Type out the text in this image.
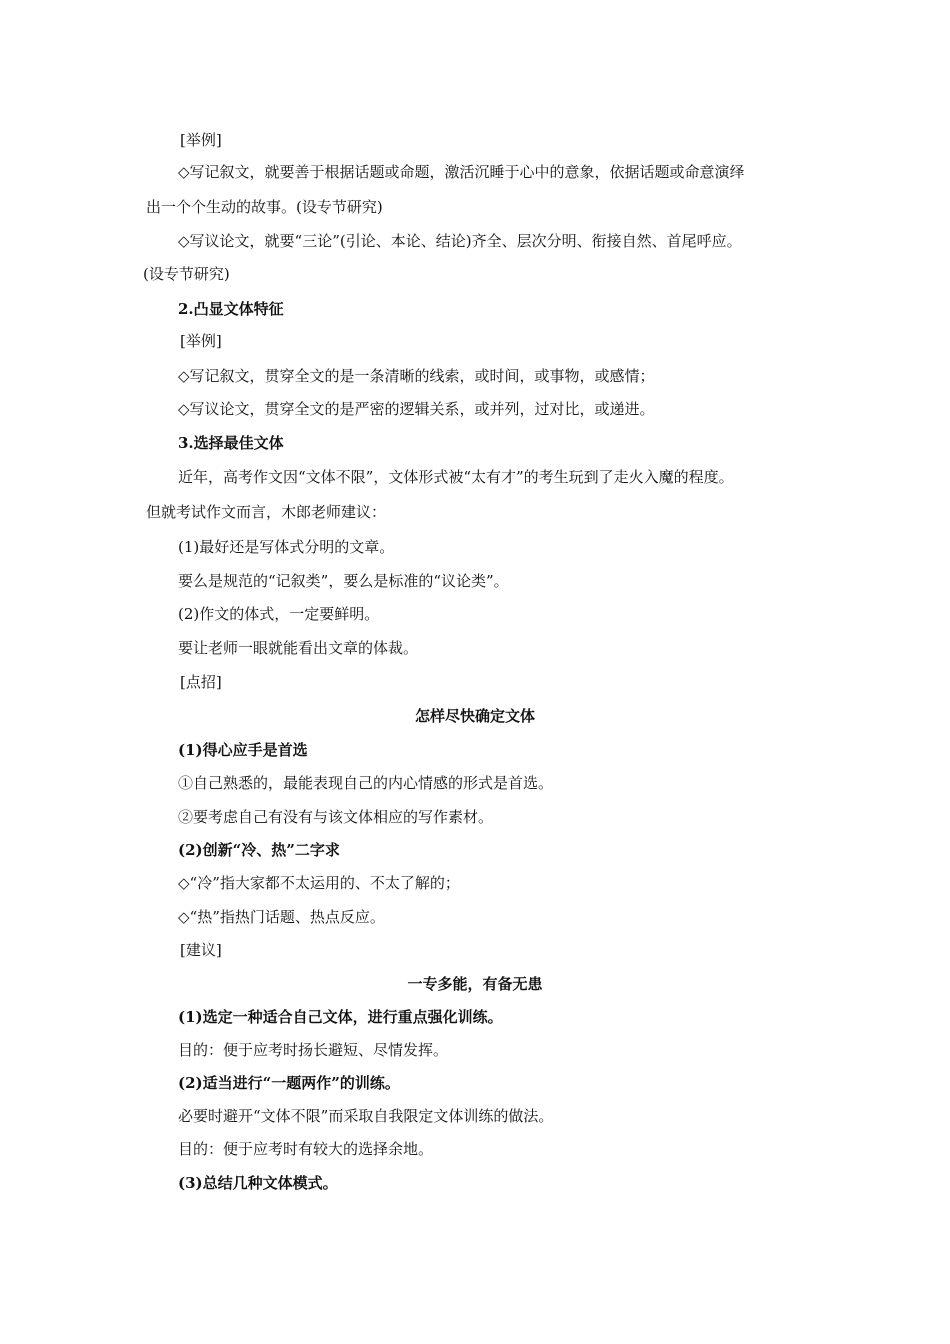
[举例]
◇写记叙文，就要善于根据话题或命题，激活沉睡于心中的意象，依据话题或命意演绎
出一个个生动的故事。(设专节研究)
◇写议论文，就要“三论”(引论、本论、结论)齐全、层次分明、衔接自然、首尾呼应。
(设专节研究)
2.凸显文体特征
[举例]
◇写记叙文，贯穿全文的是一条清晰的线索，或时间，或事物，或感情；
◇写议论文，贯穿全文的是严密的逻辑关系，或并列，过对比，或递进。
3.选择最佳文体
近年，高考作文因“文体不限”，文体形式被“太有才”的考生玩到了走火入魔的程度。
但就考试作文而言，木郎老师建议：
(1)最好还是写体式分明的文章。
要么是规范的“记叙类”，要么是标准的“议论类”。
(2)作文的体式，一定要鲜明。
要让老师一眼就能看出文章的体裁。
[点招]
怎样尽快确定文体
(1)得心应手是首选
①自己熟悉的，最能表现自己的内心情感的形式是首选。
②要考虑自己有没有与该文体相应的写作素材。
(2)创新“冷、热”二字求
◇“冷”指大家都不太运用的、不太了解的；
◇“热”指热门话题、热点反应。
[建议]
一专多能，有备无患
(1)选定一种适合自己文体，进行重点强化训练。
目的：便于应考时扬长避短、尽情发挥。
(2)适当进行“一题两作”的训练。
必要时避开“文体不限”而采取自我限定文体训练的做法。
目的：便于应考时有较大的选择余地。
(3)总结几种文体模式。
